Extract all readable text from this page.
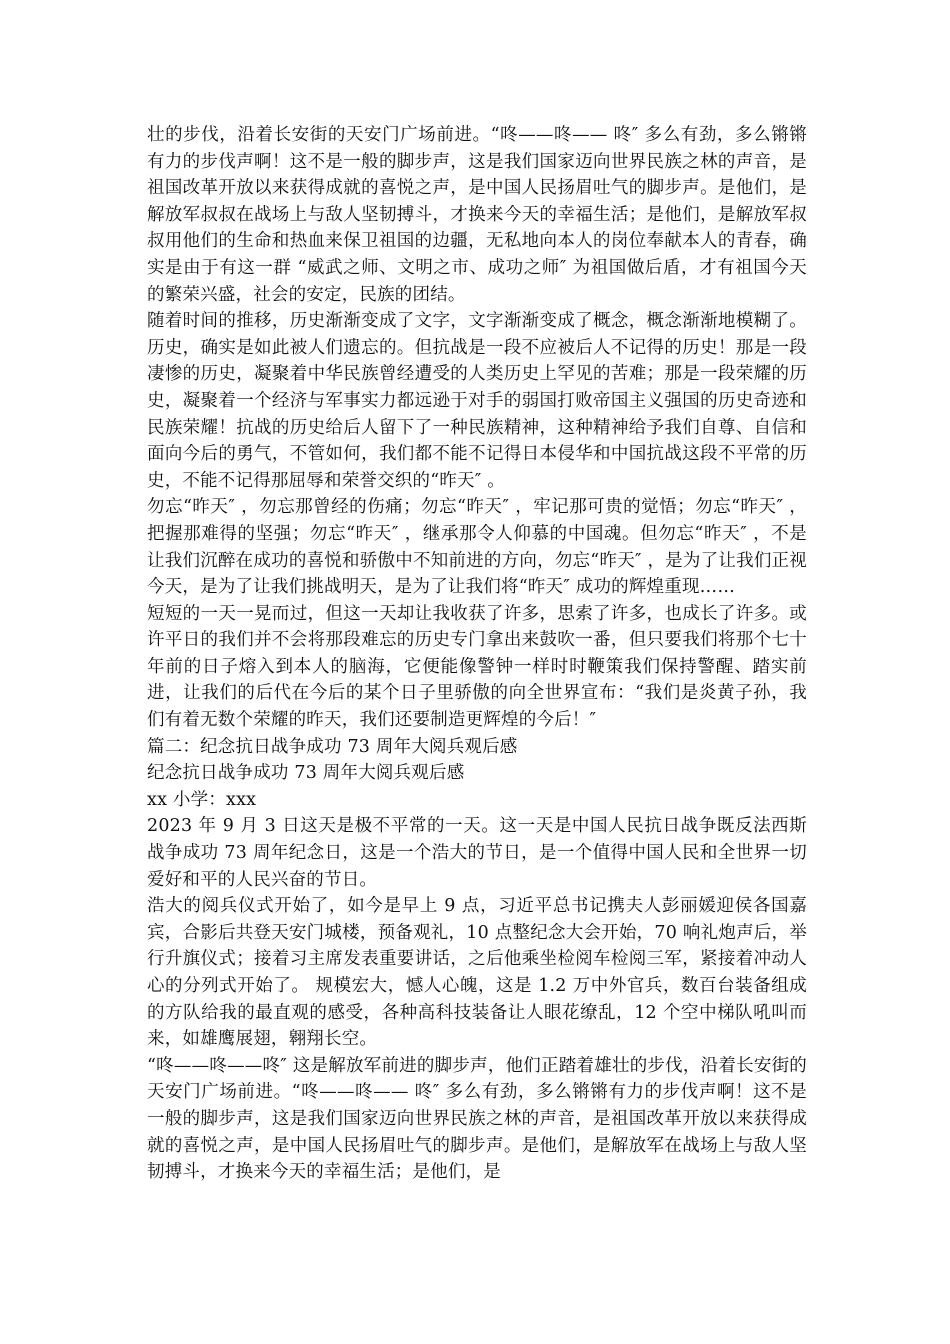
壮的步伐，沿着长安街的天安门广场前进。“咚——咚—— 咚″ 多么有劲，多么锵锵有力的步伐声啊！这不是一般的脚步声，这是我们国家迈向世界民族之林的声音，是祖国改革开放以来获得成就的喜悦之声，是中国人民扬眉吐气的脚步声。是他们，是解放军叔叔在战场上与敌人坚韧搏斗，才换来今天的幸福生活；是他们，是解放军叔叔用他们的生命和热血来保卫祖国的边疆，无私地向本人的岗位奉献本人的青春，确实是由于有这一群 “威武之师、文明之市、成功之师″ 为祖国做后盾，才有祖国今天的繁荣兴盛，社会的安定，民族的团结。

随着时间的推移，历史渐渐变成了文字，文字渐渐变成了概念，概念渐渐地模糊了。历史，确实是如此被人们遗忘的。但抗战是一段不应被后人不记得的历史！那是一段凄惨的历史，凝聚着中华民族曾经遭受的人类历史上罕见的苦难；那是一段荣耀的历史，凝聚着一个经济与军事实力都远逊于对手的弱国打败帝国主义强国的历史奇迹和民族荣耀！抗战的历史给后人留下了一种民族精神，这种精神给予我们自尊、自信和面向今后的勇气，不管如何，我们都不能不记得日本侵华和中国抗战这段不平常的历史，不能不记得那屈辱和荣誉交织的“昨天″ 。

勿忘“昨天″ ，勿忘那曾经的伤痛；勿忘“昨天″ ，牢记那可贵的觉悟；勿忘“昨天″ ，把握那难得的坚强；勿忘“昨天″ ，继承那令人仰慕的中国魂。但勿忘“昨天″ ，不是让我们沉醉在成功的喜悦和骄傲中不知前进的方向，勿忘“昨天″ ，是为了让我们正视今天，是为了让我们挑战明天，是为了让我们将“昨天″ 成功的辉煌重现……

短短的一天一晃而过，但这一天却让我收获了许多，思索了许多，也成长了许多。或许平日的我们并不会将那段难忘的历史专门拿出来鼓吹一番，但只要我们将那个七十年前的日子熔入到本人的脑海，它便能像警钟一样时时鞭策我们保持警醒、踏实前进，让我们的后代在今后的某个日子里骄傲的向全世界宣布：“我们是炎黄子孙，我们有着无数个荣耀的昨天，我们还要制造更辉煌的今后！″

篇二：纪念抗日战争成功 73 周年大阅兵观后感

纪念抗日战争成功 73 周年大阅兵观后感

xx 小学：xxx

2023 年 9 月 3 日这天是极不平常的一天。这一天是中国人民抗日战争既反法西斯战争成功 73 周年纪念日，这是一个浩大的节日，是一个值得中国人民和全世界一切爱好和平的人民兴奋的节日。

浩大的阅兵仪式开始了，如今是早上 9 点，习近平总书记携夫人彭丽媛迎侯各国嘉宾，合影后共登天安门城楼，预备观礼，10 点整纪念大会开始，70 响礼炮声后，举行升旗仪式；接着习主席发表重要讲话，之后他乘坐检阅车检阅三军，紧接着冲动人心的分列式开始了。 规模宏大，憾人心魄，这是 1.2 万中外官兵，数百台装备组成的方队给我的最直观的感受，各种高科技装备让人眼花缭乱，12 个空中梯队吼叫而来，如雄鹰展翅，翱翔长空。

“咚——咚——咚″ 这是解放军前进的脚步声，他们正踏着雄壮的步伐，沿着长安街的天安门广场前进。“咚——咚—— 咚″ 多么有劲，多么锵锵有力的步伐声啊！这不是一般的脚步声，这是我们国家迈向世界民族之林的声音，是祖国改革开放以来获得成就的喜悦之声，是中国人民扬眉吐气的脚步声。是他们，是解放军在战场上与敌人坚韧搏斗，才换来今天的幸福生活；是他们，是
